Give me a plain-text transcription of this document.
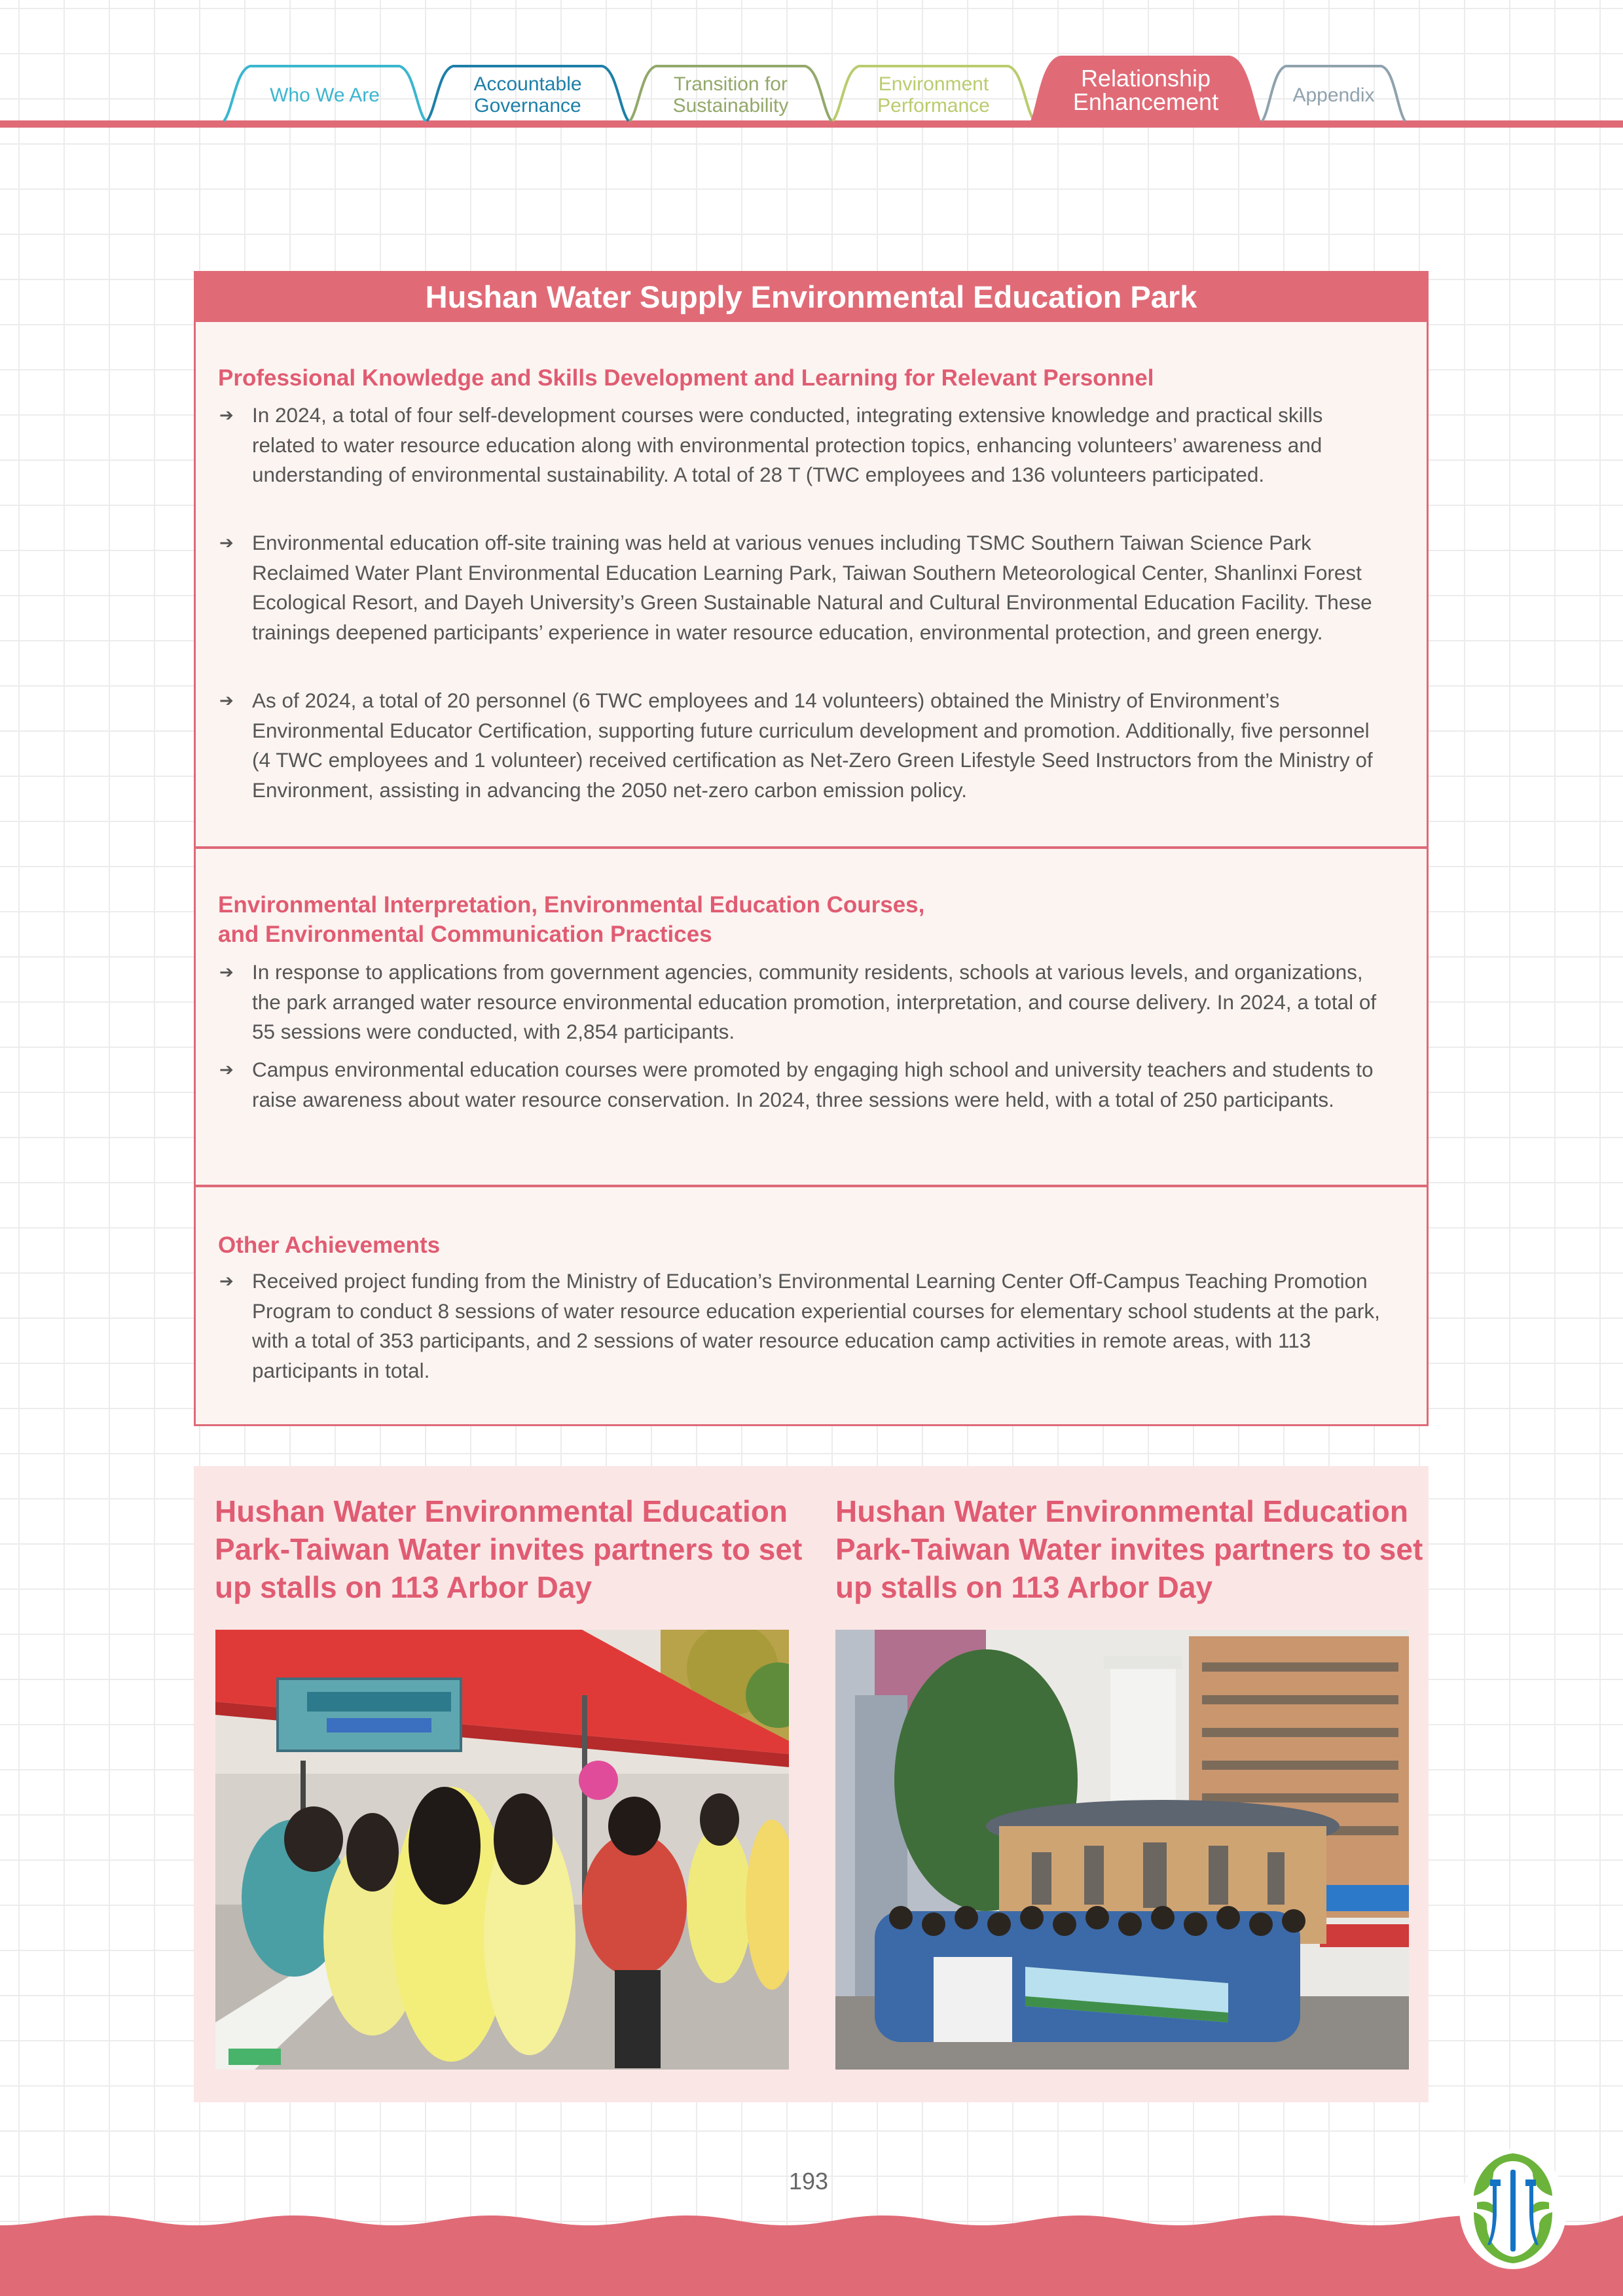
Who We Are	Accountable
Governance
Transition for
Sustainability
Environment
Performance
Relationship
Enhancement	Appendix
Hushan Water Supply Environmental Education Park
Professional Knowledge and Skills Development and Learning for Relevant Personnel
➔ In 2024, a total of four self-development courses were conducted, integrating extensive knowledge and practical skills related to water resource education along with environmental protection topics, enhancing volunteers’ awareness and understanding of environmental sustainability. A total of 28 T (TWC employees and 136 volunteers participated.
➔ Environmental education off-site training was held at various venues including TSMC Southern Taiwan Science Park Reclaimed Water Plant Environmental Education Learning Park, Taiwan Southern Meteorological Center, Shanlinxi Forest Ecological Resort, and Dayeh University’s Green Sustainable Natural and Cultural Environmental Education Facility. These trainings deepened participants’ experience in water resource education, environmental protection, and green energy.
➔ As of 2024, a total of 20 personnel (6 TWC employees and 14 volunteers) obtained the Ministry of Environment’s Environmental Educator Certification, supporting future curriculum development and promotion. Additionally, five personnel (4 TWC employees and 1 volunteer) received certification as Net-Zero Green Lifestyle Seed Instructors from the Ministry of Environment, assisting in advancing the 2050 net-zero carbon emission policy.
Environmental Interpretation, Environmental Education Courses,
and Environmental Communication Practices
➔ In response to applications from government agencies, community residents, schools at various levels, and organizations, the park arranged water resource environmental education promotion, interpretation, and course delivery. In 2024, a total of 55 sessions were conducted, with 2,854 participants.
➔ Campus environmental education courses were promoted by engaging high school and university teachers and students to raise awareness about water resource conservation. In 2024, three sessions were held, with a total of 250 participants.
Other Achievements
➔ Received project funding from the Ministry of Education’s Environmental Learning Center Off-Campus Teaching Promotion Program to conduct 8 sessions of water resource education experiential courses for elementary school students at the park, with a total of 353 participants, and 2 sessions of water resource education camp activities in remote areas, with 113 participants in total.
Hushan Water Environmental Education Park-Taiwan Water invites partners to set up stalls on 113 Arbor Day
Hushan Water Environmental Education Park-Taiwan Water invites partners to set up stalls on 113 Arbor Day
193
